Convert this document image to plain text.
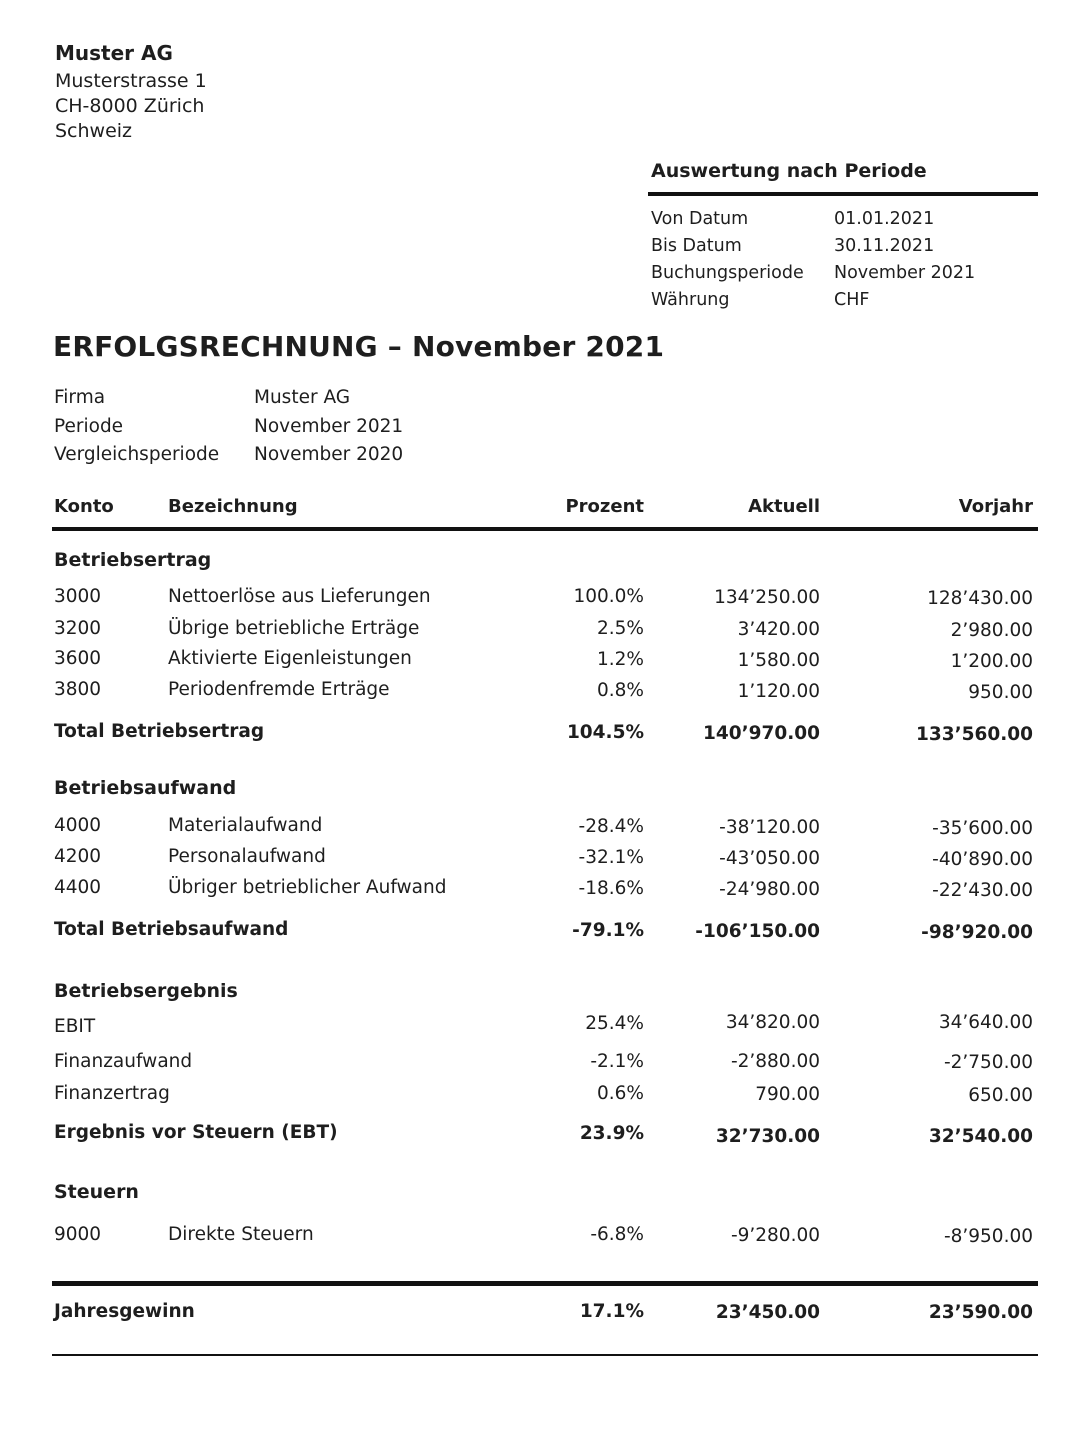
Muster AG
Musterstrasse 1
CH-8000 Zürich
Schweiz
Auswertung nach Periode
Von Datum	01.01.2021
Bis Datum	30.11.2021
Buchungsperiode November 2021
Währung	CHF
ERFOLGSRECHNUNG – November 2021
Firma	Muster AG
Periode	November 2021
Vergleichsperiode November 2020
Konto	Bezeichnung	Prozent	Aktuell	Vorjahr
Betriebsertrag
3000	Nettoerlöse aus Lieferungen	100.0%	134’250.00	128’430.00
3200	Übrige betriebliche Erträge	2.5%	3’420.00	2’980.00
3600	Aktivierte Eigenleistungen	1.2%	1’580.00	1’200.00
3800	Periodenfremde Erträge	0.8%	1’120.00	950.00
Total Betriebsertrag	104.5%	140’970.00	133’560.00
Betriebsaufwand
4000	Materialaufwand	-28.4%	-38’120.00	-35’600.00
4200	Personalaufwand	-32.1%	-43’050.00	-40’890.00
4400	Übriger betrieblicher Aufwand	-18.6%	-24’980.00	-22’430.00
Total Betriebsaufwand	-79.1%	-106’150.00	-98’920.00
Betriebsergebnis
EBIT	25.4%	34’820.00	34’640.00
Finanzaufwand	-2.1%	-2’880.00	-2’750.00
Finanzertrag	0.6%	790.00	650.00
Ergebnis vor Steuern (EBT)	23.9%	32’730.00	32’540.00
Steuern
9000	Direkte Steuern	-6.8%	-9’280.00	-8’950.00
Jahresgewinn	17.1%	23’450.00	23’590.00
